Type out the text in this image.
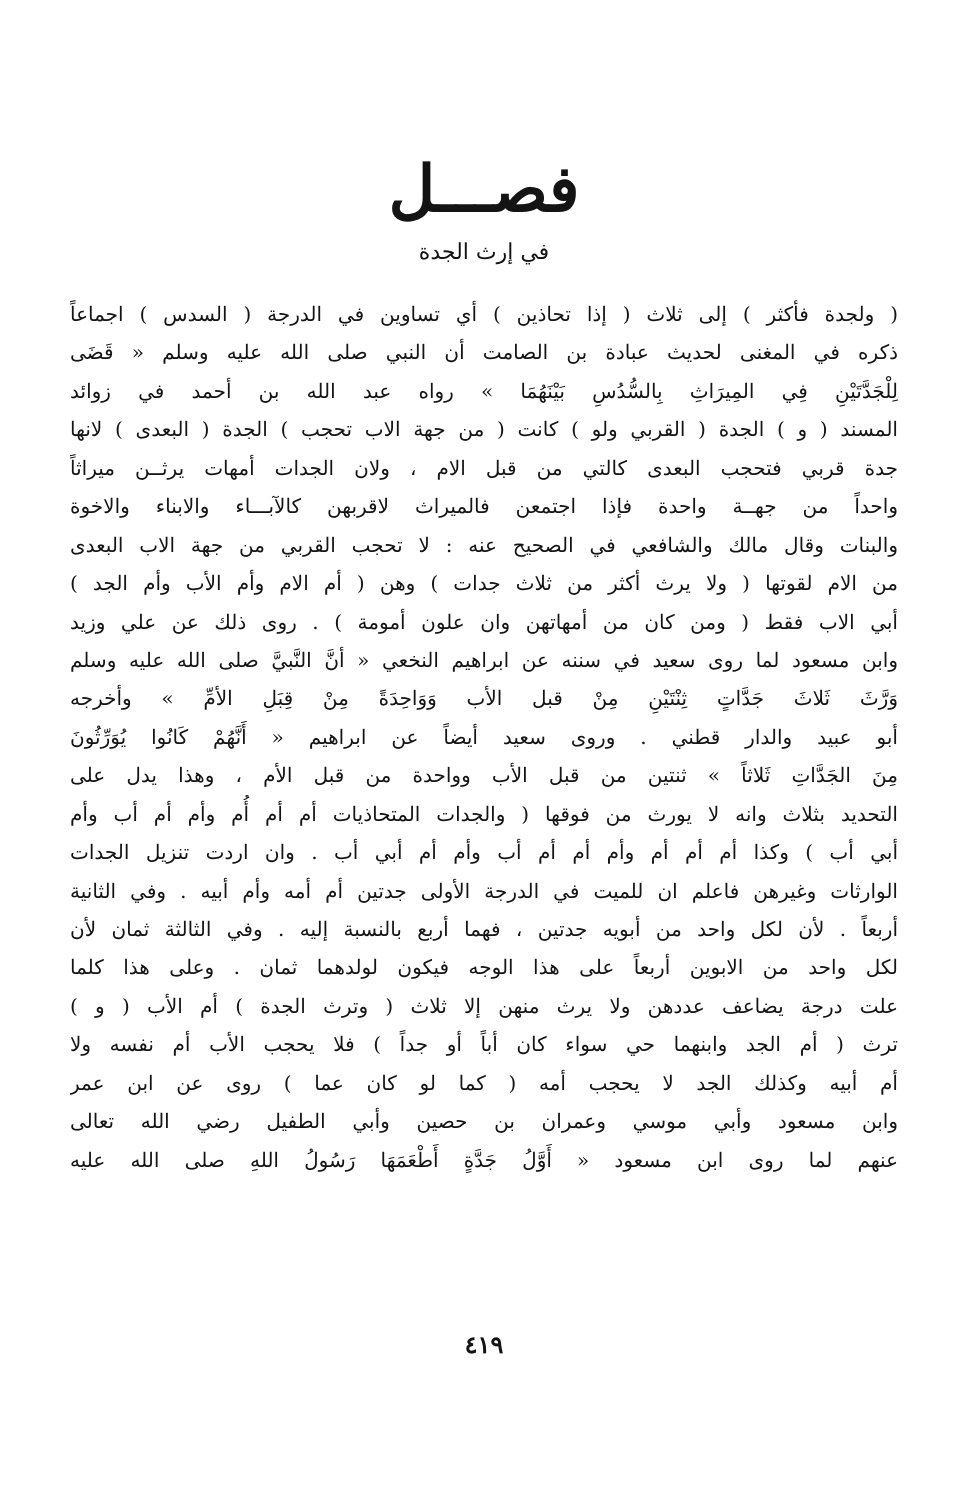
فصـــل
في إرث الجدة
( ولجدة فأكثر ) إلى ثلاث ( إذا تحاذين ) أي تساوين في الدرجة ( السدس ) اجماعاً
ذكره في المغنى لحديث عبادة بن الصامت أن النبي صلى الله عليه وسلم « قَضَى
لِلْجَدَّتَيْنِ فِي المِيرَاثِ بِالسُّدُسِ بَيْنَهُمَا » رواه عبد الله بن أحمد في زوائد
المسند ( و ) الجدة ( القربي ولو ) كانت ( من جهة الاب تحجب ) الجدة ( البعدى ) لانها
جدة قربي فتحجب البعدى كالتي من قبل الام ، ولان الجدات أمهات يرثــن ميراثاً
واحداً من جهــة واحدة فإذا اجتمعن فالميراث لاقربهن كالآبـــاء والابناء والاخوة
والبنات وقال مالك والشافعي في الصحيح عنه : لا تحجب القربي من جهة الاب البعدى
من الام لقوتها ( ولا يرث أكثر من ثلاث جدات ) وهن ( أم الام وأم الأب وأم الجد )
أبي الاب فقط ( ومن كان من أمهاتهن وان علون أمومة ) . روى ذلك عن علي وزيد
وابن مسعود لما روى سعيد في سننه عن ابراهيم النخعي « أنَّ النَّبيَّ صلى الله عليه وسلم
وَرَّثَ ثَلاثَ جَدَّاتٍ ثِنْتَيْنِ مِنْ قبل الأب وَوَاحِدَةً مِنْ قِبَلِ الأمِّ » وأخرجه
أبو عبيد والدار قطني . وروى سعيد أيضاً عن ابراهيم « أَنَّهُمْ كَانُوا يُوَرِّثُونَ
مِنَ الجَدَّاتِ ثَلاثاً » ثنتين من قبل الأب وواحدة من قبل الأم ، وهذا يدل على
التحديد بثلاث وانه لا يورث من فوقها ( والجدات المتحاذيات أم أم أُم وأم أم أب وأم
أبي أب ) وكذا أم أم أم وأم أم أم أب وأم أم أبي أب . وان اردت تنزيل الجدات
الوارثات وغيرهن فاعلم ان للميت في الدرجة الأولى جدتين أم أمه وأم أبيه . وفي الثانية
أربعاً . لأن لكل واحد من أبويه جدتين ، فهما أربع بالنسبة إليه . وفي الثالثة ثمان لأن
لكل واحد من الابوين أربعاً على هذا الوجه فيكون لولدهما ثمان . وعلى هذا كلما
علت درجة يضاعف عددهن ولا يرث منهن إلا ثلاث ( وترث الجدة ) أم الأب ( و )
ترث ( أم الجد وابنهما حي سواء كان أباً أو جداً ) فلا يحجب الأب أم نفسه ولا
أم أبيه وكذلك الجد لا يحجب أمه ( كما لو كان عما ) روى عن ابن عمر
وابن مسعود وأبي موسي وعمران بن حصين وأبي الطفيل رضي الله تعالى
عنهم لما روى ابن مسعود « أَوَّلُ جَدَّةٍ أَطْعَمَهَا رَسُولُ اللهِ صلى الله عليه
٤١٩
